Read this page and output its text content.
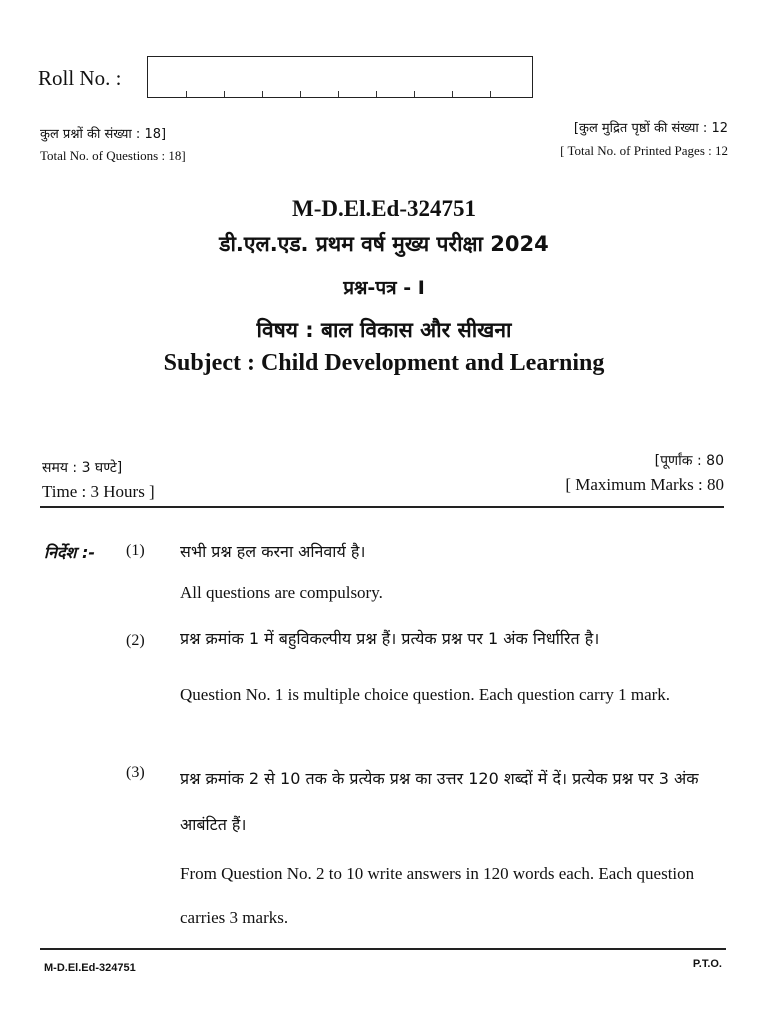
Roll No. :
कुल प्रश्नों की संख्या : 18]
Total No. of Questions : 18]
[कुल मुद्रित पृष्ठों की संख्या : 12
[ Total No. of Printed Pages : 12
M-D.El.Ed-324751
डी.एल.एड. प्रथम वर्ष मुख्य परीक्षा 2024
प्रश्न-पत्र - I
विषय : बाल विकास और सीखना
Subject : Child Development and Learning
समय : 3 घण्टे]
Time : 3 Hours ]
[पूर्णांक : 80
[ Maximum Marks : 80
निर्देश :- (1) सभी प्रश्न हल करना अनिवार्य है।
All questions are compulsory.
(2) प्रश्न क्रमांक 1 में बहुविकल्पीय प्रश्न हैं। प्रत्येक प्रश्न पर 1 अंक निर्धारित है।
Question No. 1 is multiple choice question. Each question carry 1 mark.
(3) प्रश्न क्रमांक 2 से 10 तक के प्रत्येक प्रश्न का उत्तर 120 शब्दों में दें। प्रत्येक प्रश्न पर 3 अंक आबंटित हैं।
From Question No. 2 to 10 write answers in 120 words each. Each question carries 3 marks.
M-D.El.Ed-324751	P.T.O.
